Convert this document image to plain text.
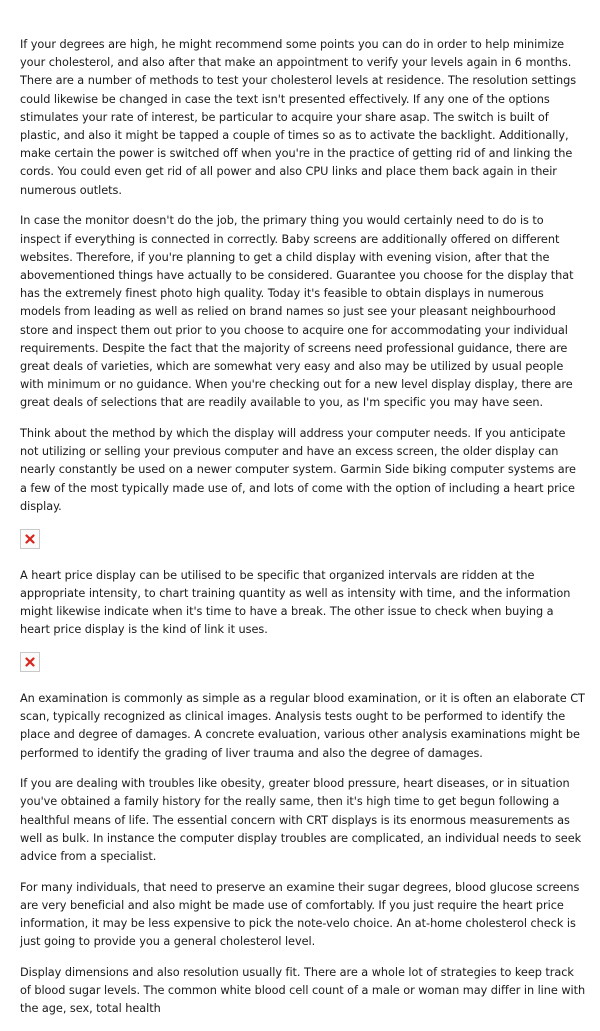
If your degrees are high, he might recommend some points you can do in order to help minimize your cholesterol, and also after that make an appointment to verify your levels again in 6 months. There are a number of methods to test your cholesterol levels at residence. The resolution settings could likewise be changed in case the text isn't presented effectively. If any one of the options stimulates your rate of interest, be particular to acquire your share asap. The switch is built of plastic, and also it might be tapped a couple of times so as to activate the backlight. Additionally, make certain the power is switched off when you're in the practice of getting rid of and linking the cords. You could even get rid of all power and also CPU links and place them back again in their numerous outlets.

In case the monitor doesn't do the job, the primary thing you would certainly need to do is to inspect if everything is connected in correctly. Baby screens are additionally offered on different websites. Therefore, if you're planning to get a child display with evening vision, after that the abovementioned things have actually to be considered. Guarantee you choose for the display that has the extremely finest photo high quality. Today it's feasible to obtain displays in numerous models from leading as well as relied on brand names so just see your pleasant neighbourhood store and inspect them out prior to you choose to acquire one for accommodating your individual requirements. Despite the fact that the majority of screens need professional guidance, there are great deals of varieties, which are somewhat very easy and also may be utilized by usual people with minimum or no guidance. When you're checking out for a new level display display, there are great deals of selections that are readily available to you, as I'm specific you may have seen.

Think about the method by which the display will address your computer needs. If you anticipate not utilizing or selling your previous computer and have an excess screen, the older display can nearly constantly be used on a newer computer system. Garmin Side biking computer systems are a few of the most typically made use of, and lots of come with the option of including a heart price display.

A heart price display can be utilised to be specific that organized intervals are ridden at the appropriate intensity, to chart training quantity as well as intensity with time, and the information might likewise indicate when it's time to have a break. The other issue to check when buying a heart price display is the kind of link it uses.

An examination is commonly as simple as a regular blood examination, or it is often an elaborate CT scan, typically recognized as clinical images. Analysis tests ought to be performed to identify the place and degree of damages. A concrete evaluation, various other analysis examinations might be performed to identify the grading of liver trauma and also the degree of damages.

If you are dealing with troubles like obesity, greater blood pressure, heart diseases, or in situation you've obtained a family history for the really same, then it's high time to get begun following a healthful means of life. The essential concern with CRT displays is its enormous measurements as well as bulk. In instance the computer display troubles are complicated, an individual needs to seek advice from a specialist.

For many individuals, that need to preserve an examine their sugar degrees, blood glucose screens are very beneficial and also might be made use of comfortably. If you just require the heart price information, it may be less expensive to pick the note-velo choice. An at-home cholesterol check is just going to provide you a general cholesterol level.

Display dimensions and also resolution usually fit. There are a whole lot of strategies to keep track of blood sugar levels. The common white blood cell count of a male or woman may differ in line with the age, sex, total health
